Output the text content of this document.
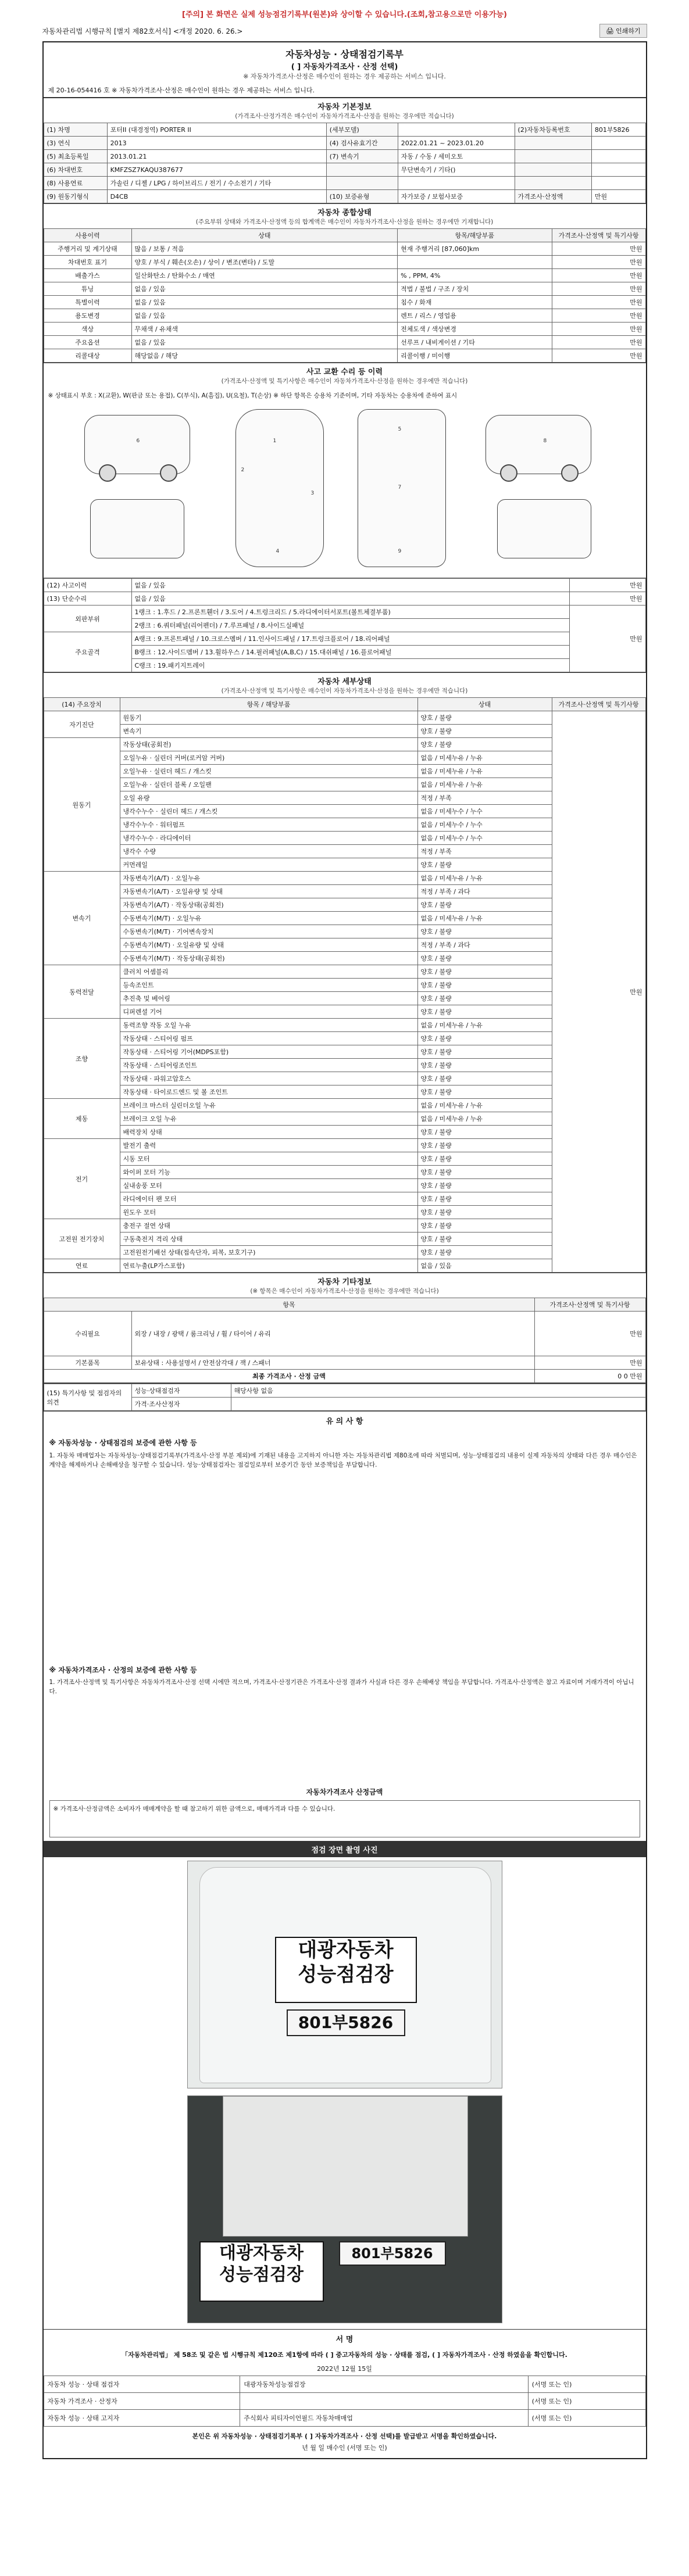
[주의] 본 화면은 실제 성능점검기록부(원본)와 상이할 수 있습니다.(조회,참고용으로만 이용가능)
자동차관리법 시행규칙 [별지 제82호서식] <개정 2020. 6. 26.>	🖨 인쇄하기
자동차성능 · 상태점검기록부
( ] 자동차가격조사 · 산정 선택)
※ 자동차가격조사·산정은 매수인이 원하는 경우 제공하는 서비스 입니다.
제 20-16-054416 호 ※ 자동차가격조사·산정은 매수인이 원하는 경우 제공하는 서비스 입니다.
자동차 기본정보
(가격조사·산정가격은 매수인이 자동차가격조사·산정을 원하는 경우에만 적습니다)
(1) 차명	포터II (대경정역) PORTER II	(세부모델)		(2)자동차등록번호	801부5826
(3) 연식	2013	(4) 검사유효기간	2022.01.21 ~ 2023.01.20		
(5) 최초등록일	2013.01.21	(7) 변속기	자동 / 수동 / 세미오토		
(6) 차대번호	KMFZSZ7KAQU387677		무단변속기 / 기타()		
(8) 사용연료	가솔린 / 디젤 / LPG / 하이브리드 / 전기 / 수소전기 / 기타				
(9) 원동기형식	D4CB	(10) 보증유형	자가보증 / 보험사보증	가격조사·산정액	만원
자동차 종합상태
(주요부위 상태와 가격조사·산정액 등의 합계액은 매수인이 자동차가격조사·산정을 원하는 경우에만 기재합니다)
사용이력	상태	항목/해당부품	가격조사·산정액 및 특기사항
주행거리 및 계기상태	많음 / 보통 / 적음	현재 주행거리 [87,060]km	만원
차대번호 표기	양호 / 부식 / 훼손(오손) / 상이 / 변조(변타) / 도말		만원
배출가스	일산화탄소 / 탄화수소 / 매연	% , PPM, 4%	만원
튜닝	없음 / 있음	적법 / 불법 / 구조 / 장치	만원
특별이력	없음 / 있음	침수 / 화재	만원
용도변경	없음 / 있음	렌트 / 리스 / 영업용	만원
색상	무채색 / 유채색	전체도색 / 색상변경	만원
주요옵션	없음 / 있음	선루프 / 내비게이션 / 기타	만원
리콜대상	해당없음 / 해당	리콜이행 / 미이행	만원
사고 교환 수리 등 이력
(가격조사·산정액 및 특기사항은 매수인이 자동차가격조사·산정을 원하는 경우에만 적습니다)
※ 상태표시 부호 : X(교환), W(판금 또는 용접), C(부식), A(흠집), U(요철), T(손상) ※ 하단 항목은 승용차 기준이며, 기타 자동차는 승용차에 준하여 표시
1
2
3
4
5
6
7
8
9
(12) 사고이력	없음 / 있음	만원
(13) 단순수리	없음 / 있음	만원
외판부위	1랭크 : 1.후드 / 2.프론트휀더 / 3.도어 / 4.트렁크리드 / 5.라디에이터서포트(볼트체결부품)	만원
	2랭크 : 6.쿼터패널(리어펜더) / 7.루프패널 / 8.사이드실패널	
주요골격	A랭크 : 9.프론트패널 / 10.크로스멤버 / 11.인사이드패널 / 17.트렁크플로어 / 18.리어패널	
	B랭크 : 12.사이드멤버 / 13.휠하우스 / 14.필러패널(A,B,C) / 15.대쉬패널 / 16.플로어패널	
	C랭크 : 19.패키지트레이	
자동차 세부상태
(가격조사·산정액 및 특기사항은 매수인이 자동차가격조사·산정을 원하는 경우에만 적습니다)
(14) 주요장치	항목 / 해당부품	상태	가격조사·산정액 및 특기사항
자기진단	원동기	양호 / 불량	만원
	변속기	양호 / 불량	
원동기	작동상태(공회전)	양호 / 불량	
	오일누유 · 실린더 커버(로커암 커버)	없음 / 미세누유 / 누유	
	오일누유 · 실린더 헤드 / 개스킷	없음 / 미세누유 / 누유	
	오일누유 · 실린더 블록 / 오일팬	없음 / 미세누유 / 누유	
	오일 유량	적정 / 부족	
	냉각수누수 · 실린더 헤드 / 개스킷	없음 / 미세누수 / 누수	
	냉각수누수 · 워터펌프	없음 / 미세누수 / 누수	
	냉각수누수 · 라디에이터	없음 / 미세누수 / 누수	
	냉각수 수량	적정 / 부족	
	커먼레일	양호 / 불량	
변속기	자동변속기(A/T) · 오일누유	없음 / 미세누유 / 누유	
	자동변속기(A/T) · 오일유량 및 상태	적정 / 부족 / 과다	
	자동변속기(A/T) · 작동상태(공회전)	양호 / 불량	
	수동변속기(M/T) · 오일누유	없음 / 미세누유 / 누유	
	수동변속기(M/T) · 기어변속장치	양호 / 불량	
	수동변속기(M/T) · 오일유량 및 상태	적정 / 부족 / 과다	
	수동변속기(M/T) · 작동상태(공회전)	양호 / 불량	
동력전달	클러치 어셈블리	양호 / 불량	
	등속조인트	양호 / 불량	
	추진축 및 베어링	양호 / 불량	
	디퍼렌셜 기어	양호 / 불량	
조향	동력조향 작동 오일 누유	없음 / 미세누유 / 누유	
	작동상태 · 스티어링 펌프	양호 / 불량	
	작동상태 · 스티어링 기어(MDPS포함)	양호 / 불량	
	작동상태 · 스티어링조인트	양호 / 불량	
	작동상태 · 파워고압호스	양호 / 불량	
	작동상태 · 타이로드엔드 및 볼 조인트	양호 / 불량	
제동	브레이크 마스터 실린더오일 누유	없음 / 미세누유 / 누유	
	브레이크 오일 누유	없음 / 미세누유 / 누유	
	배력장치 상태	양호 / 불량	
전기	발전기 출력	양호 / 불량	
	시동 모터	양호 / 불량	
	와이퍼 모터 기능	양호 / 불량	
	실내송풍 모터	양호 / 불량	
	라디에이터 팬 모터	양호 / 불량	
	윈도우 모터	양호 / 불량	
고전원 전기장치	충전구 절연 상태	양호 / 불량	
	구동축전지 격리 상태	양호 / 불량	
	고전원전기배선 상태(접속단자, 피복, 보호기구)	양호 / 불량	
연료	연료누출(LP가스포함)	없음 / 있음	
자동차 기타정보
(※ 항목은 매수인이 자동차가격조사·산정을 원하는 경우에만 적습니다)
항목		가격조사·산정액 및 특기사항
수리필요	외장 / 내장 / 광택 / 룸크리닝 / 휠 / 타이어 / 유리	만원
기본품목	보유상태 : 사용설명서 / 안전삼각대 / 잭 / 스패너	만원
최종 가격조사 · 산정 금액		0 0 만원
(15) 특기사항 및 점검자의 의견	성능·상태점검자	해당사항 없음
	가격·조사산정자	
유 의 사 항
※ 자동차성능 · 상태점검의 보증에 관한 사항 등
1. 자동차 매매업자는 자동차성능·상태점검기록부(가격조사·산정 부분 제외)에 기재된 내용을 고지하지 아니한 자는 자동차관리법 제80조에 따라 처벌되며, 성능·상태점검의 내용이 실제 자동차의 상태와 다른 경우 매수인은 계약을 해제하거나 손해배상을 청구할 수 있습니다. 성능·상태점검자는 점검일로부터 보증기간 동안 보증책임을 부담합니다.
※ 자동차가격조사 · 산정의 보증에 관한 사항 등
1. 가격조사·산정액 및 특기사항은 자동차가격조사·산정 선택 시에만 적으며, 가격조사·산정기관은 가격조사·산정 결과가 사실과 다른 경우 손해배상 책임을 부담합니다. 가격조사·산정액은 참고 자료이며 거래가격이 아닙니다.
자동차가격조사 산정금액
※ 가격조사·산정금액은 소비자가 매매계약을 할 때 참고하기 위한 금액으로, 매매가격과 다를 수 있습니다.
점검 장면 촬영 사진
대광자동차
성능점검장
801부5826
대광자동차
성능점검장
801부5826
서 명
「자동차관리법」 제 58조 및 같은 법 시행규칙 제120조 제1항에 따라 ( ] 중고자동차의 성능 · 상태를 점검, ( ] 자동차가격조사 · 산정 하였음을 확인합니다.
2022년 12월 15일
자동차 성능 · 상태 점검자	대광자동차성능점검장	(서명 또는 인)
자동차 가격조사 · 산정자		(서명 또는 인)
자동차 성능 · 상태 고지자	주식회사 피티자이언필드 자동차매매업	(서명 또는 인)
본인은 위 자동차성능 · 상태점검기록부 ( ] 자동차가격조사 · 산정 선택)를 발급받고 서명을 확인하였습니다.
년 월 일 매수인 (서명 또는 인)
